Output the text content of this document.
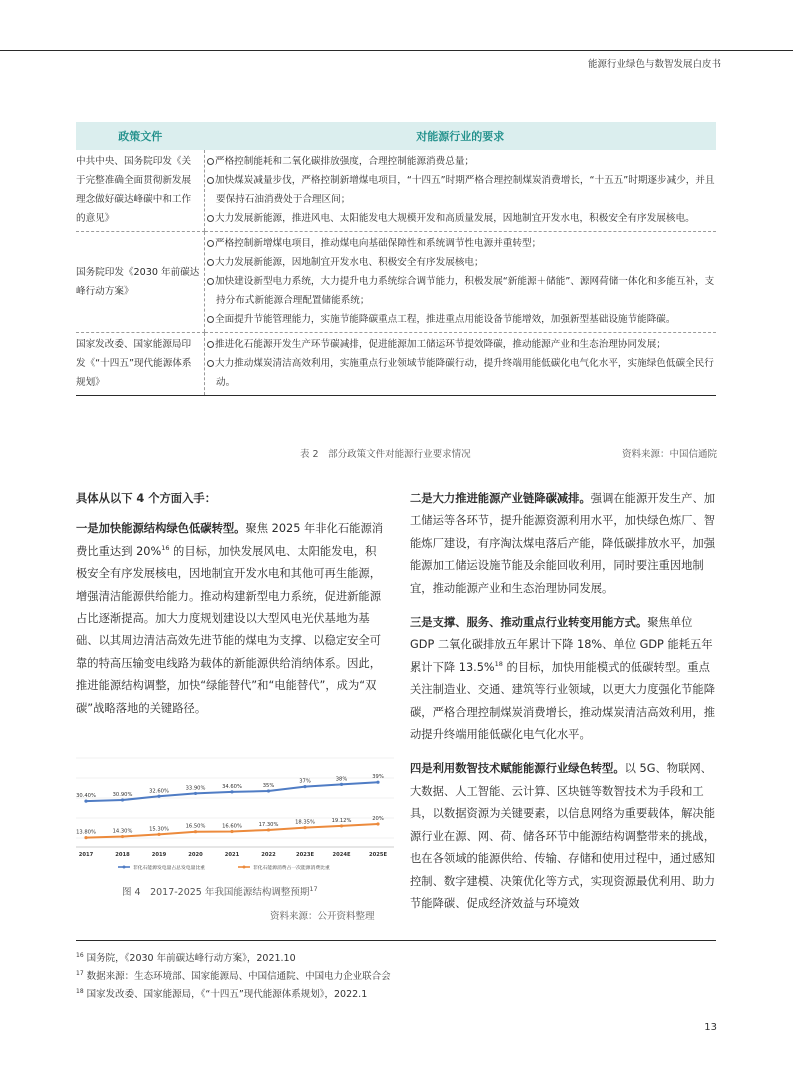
能源行业绿色与数智发展白皮书
政策文件	对能源行业的要求
中共中央、国务院印发《关于完整准确全面贯彻新发展理念做好碳达峰碳中和工作的意见》	严格控制能耗和二氧化碳排放强度，合理控制能源消费总量；
加快煤炭减量步伐，严格控制新增煤电项目，“十四五”时期严格合理控制煤炭消费增长，“十五五”时期逐步减少，并且要保持石油消费处于合理区间；
大力发展新能源，推进风电、太阳能发电大规模开发和高质量发展，因地制宜开发水电，积极安全有序发展核电。

国务院印发《2030 年前碳达峰行动方案》	严格控制新增煤电项目，推动煤电向基础保障性和系统调节性电源并重转型；
大力发展新能源，因地制宜开发水电、积极安全有序发展核电；
加快建设新型电力系统，大力提升电力系统综合调节能力，积极发展“新能源＋储能”、源网荷储一体化和多能互补，支持分布式新能源合理配置储能系统；
全面提升节能管理能力，实施节能降碳重点工程，推进重点用能设备节能增效，加强新型基础设施节能降碳。

国家发改委、国家能源局印发《“十四五”现代能源体系规划》	推进化石能源开发生产环节碳减排，促进能源加工储运环节提效降碳，推动能源产业和生态治理协同发展；
大力推动煤炭清洁高效利用，实施重点行业领域节能降碳行动，提升终端用能低碳化电气化水平，实施绿色低碳全民行动。
表 2　部分政策文件对能源行业要求情况	资料来源：中国信通院

具体从以下 4 个方面入手：

一是加快能源结构绿色低碳转型。聚焦 2025 年非化石能源消费比重达到 20%$^{16}$ 的目标，加快发展风电、太阳能发电，积极安全有序发展核电，因地制宜开发水电和其他可再生能源，增强清洁能源供给能力。推动构建新型电力系统，促进新能源占比逐渐提高。加大力度规划建设以大型风电光伏基地为基础、以其周边清洁高效先进节能的煤电为支撑、以稳定安全可靠的特高压输变电线路为载体的新能源供给消纳体系。因此，推进能源结构调整，加快“绿能替代”和“电能替代”，成为“双碳”战略落地的关键路径。

30.40%	30.90%
32.60%	33.90%	34.60%	35%
37%	38%	39%
13.80%	14.30%	15.30%	16.50%	16.60%	17.30%	18.35%	19.12%	20%
2017	2018	2019	2020	2021	2022	2023E	2024E	2025E
非化石能源发电量占总发电量比重	非化石能源消费占一次能源消费比重
图 4　2017-2025 年我国能源结构调整预期$^{17}$
资料来源：公开资料整理

二是大力推进能源产业链降碳减排。强调在能源开发生产、加工储运等各环节，提升能源资源利用水平，加快绿色炼厂、智能炼厂建设，有序淘汰煤电落后产能，降低碳排放水平，加强能源加工储运设施节能及余能回收利用，同时要注重因地制宜，推动能源产业和生态治理协同发展。

三是支撑、服务、推动重点行业转变用能方式。聚焦单位 GDP 二氧化碳排放五年累计下降 18%、单位 GDP 能耗五年累计下降 13.5%$^{18}$ 的目标，加快用能模式的低碳转型。重点关注制造业、交通、建筑等行业领域，以更大力度强化节能降碳，严格合理控制煤炭消费增长，推动煤炭清洁高效利用，推动提升终端用能低碳化电气化水平。

四是利用数智技术赋能能源行业绿色转型。以 5G、物联网、大数据、人工智能、云计算、区块链等数智技术为手段和工具，以数据资源为关键要素，以信息网络为重要载体，解决能源行业在源、网、荷、储各环节中能源结构调整带来的挑战，也在各领域的能源供给、传输、存储和使用过程中，通过感知控制、数字建模、决策优化等方式，实现资源最优利用、助力节能降碳、促成经济效益与环境效

$^{16}$ 国务院，《2030 年前碳达峰行动方案》，2021.10
$^{17}$ 数据来源：生态环境部、国家能源局、中国信通院、中国电力企业联合会
$^{18}$ 国家发改委、国家能源局，《“十四五”现代能源体系规划》，2022.1
13
